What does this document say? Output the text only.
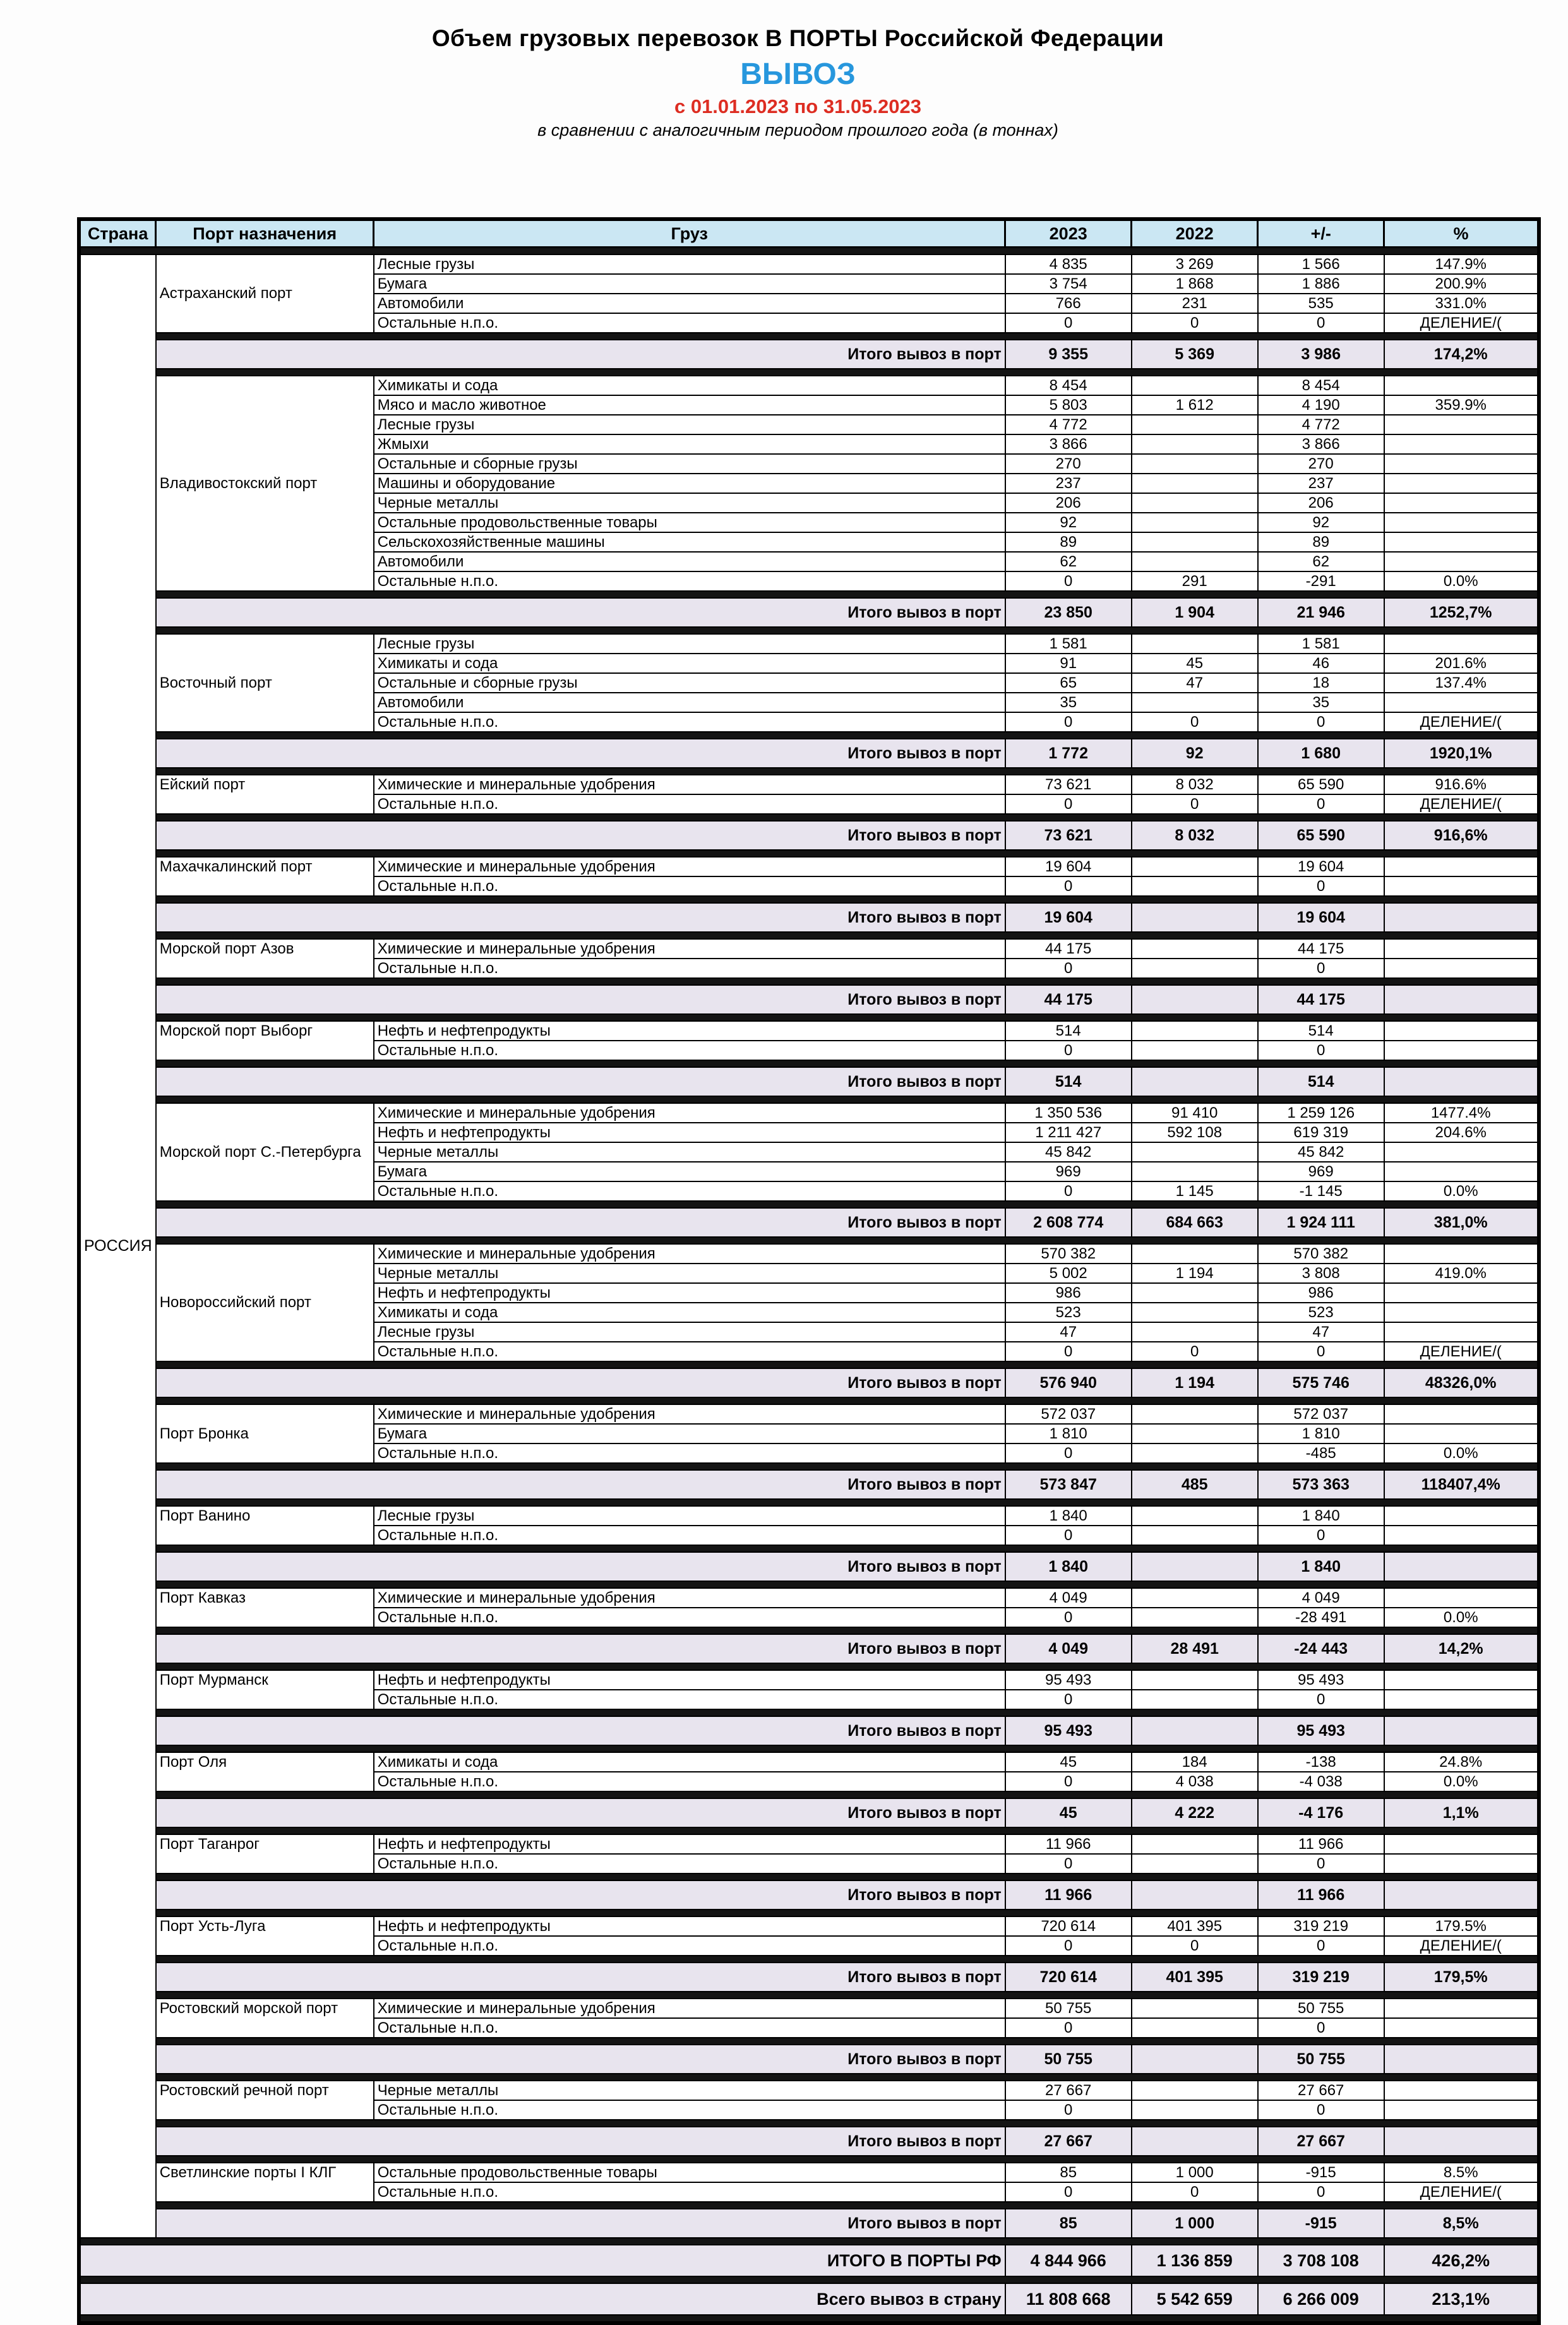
Объем грузовых перевозок В ПОРТЫ Российской Федерации
ВЫВОЗ
с 01.01.2023 по 31.05.2023
в сравнении с аналогичным периодом прошлого года (в тоннах)
Страна	Порт назначения	Груз	2023	2022	+/-	%

РОССИЯ	Астраханский порт	Лесные грузы	4 835	3 269	1 566	147.9%
		Бумага	3 754	1 868	1 886	200.9%
		Автомобили	766	231	535	331.0%
		Остальные н.п.о.	0	0	0	ДЕЛЕНИЕ/(

	Итого вывоз в порт		9 355	5 369	3 986	174,2%

	Владивостокский порт	Химикаты и сода	8 454		8 454	
		Мясо и масло животное	5 803	1 612	4 190	359.9%
		Лесные грузы	4 772		4 772	
		Жмыхи	3 866		3 866	
		Остальные и сборные грузы	270		270	
		Машины и оборудование	237		237	
		Черные металлы	206		206	
		Остальные продовольственные товары	92		92	
		Сельскохозяйственные машины	89		89	
		Автомобили	62		62	
		Остальные н.п.о.	0	291	-291	0.0%

	Итого вывоз в порт		23 850	1 904	21 946	1252,7%

	Восточный порт	Лесные грузы	1 581		1 581	
		Химикаты и сода	91	45	46	201.6%
		Остальные и сборные грузы	65	47	18	137.4%
		Автомобили	35		35	
		Остальные н.п.о.	0	0	0	ДЕЛЕНИЕ/(

	Итого вывоз в порт		1 772	92	1 680	1920,1%

	Ейский порт	Химические и минеральные удобрения	73 621	8 032	65 590	916.6%
		Остальные н.п.о.	0	0	0	ДЕЛЕНИЕ/(

	Итого вывоз в порт		73 621	8 032	65 590	916,6%

	Махачкалинский порт	Химические и минеральные удобрения	19 604		19 604	
		Остальные н.п.о.	0		0	

	Итого вывоз в порт		19 604		19 604	

	Морской порт Азов	Химические и минеральные удобрения	44 175		44 175	
		Остальные н.п.о.	0		0	

	Итого вывоз в порт		44 175		44 175	

	Морской порт Выборг	Нефть и нефтепродукты	514		514	
		Остальные н.п.о.	0		0	

	Итого вывоз в порт		514		514	

	Морской порт С.-Петербурга	Химические и минеральные удобрения	1 350 536	91 410	1 259 126	1477.4%
		Нефть и нефтепродукты	1 211 427	592 108	619 319	204.6%
		Черные металлы	45 842		45 842	
		Бумага	969		969	
		Остальные н.п.о.	0	1 145	-1 145	0.0%

	Итого вывоз в порт		2 608 774	684 663	1 924 111	381,0%

	Новороссийский порт	Химические и минеральные удобрения	570 382		570 382	
		Черные металлы	5 002	1 194	3 808	419.0%
		Нефть и нефтепродукты	986		986	
		Химикаты и сода	523		523	
		Лесные грузы	47		47	
		Остальные н.п.о.	0	0	0	ДЕЛЕНИЕ/(

	Итого вывоз в порт		576 940	1 194	575 746	48326,0%

	Порт Бронка	Химические и минеральные удобрения	572 037		572 037	
		Бумага	1 810		1 810	
		Остальные н.п.о.	0		-485	0.0%

	Итого вывоз в порт		573 847	485	573 363	118407,4%

	Порт Ванино	Лесные грузы	1 840		1 840	
		Остальные н.п.о.	0		0	

	Итого вывоз в порт		1 840		1 840	

	Порт Кавказ	Химические и минеральные удобрения	4 049		4 049	
		Остальные н.п.о.	0		-28 491	0.0%

	Итого вывоз в порт		4 049	28 491	-24 443	14,2%

	Порт Мурманск	Нефть и нефтепродукты	95 493		95 493	
		Остальные н.п.о.	0		0	

	Итого вывоз в порт		95 493		95 493	

	Порт Оля	Химикаты и сода	45	184	-138	24.8%
		Остальные н.п.о.	0	4 038	-4 038	0.0%

	Итого вывоз в порт		45	4 222	-4 176	1,1%

	Порт Таганрог	Нефть и нефтепродукты	11 966		11 966	
		Остальные н.п.о.	0		0	

	Итого вывоз в порт		11 966		11 966	

	Порт Усть-Луга	Нефть и нефтепродукты	720 614	401 395	319 219	179.5%
		Остальные н.п.о.	0	0	0	ДЕЛЕНИЕ/(

	Итого вывоз в порт		720 614	401 395	319 219	179,5%

	Ростовский морской порт	Химические и минеральные удобрения	50 755		50 755	
		Остальные н.п.о.	0		0	

	Итого вывоз в порт		50 755		50 755	

	Ростовский речной порт	Черные металлы	27 667		27 667	
		Остальные н.п.о.	0		0	

	Итого вывоз в порт		27 667		27 667	

	Светлинские порты І КЛГ	Остальные продовольственные товары	85	1 000	-915	8.5%
		Остальные н.п.о.	0	0	0	ДЕЛЕНИЕ/(

	Итого вывоз в порт		85	1 000	-915	8,5%

ИТОГО В ПОРТЫ РФ			4 844 966	1 136 859	3 708 108	426,2%

Всего вывоз в страну			11 808 668	5 542 659	6 266 009	213,1%
